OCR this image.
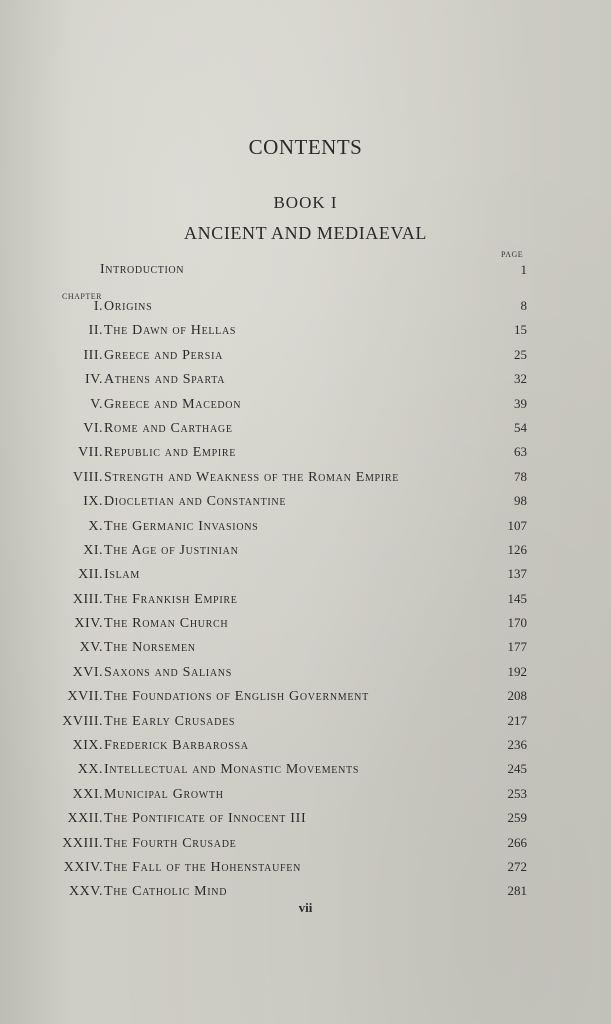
CONTENTS
BOOK I
ANCIENT AND MEDIAEVAL
PAGE
Introduction	1
CHAPTER
I. Origins	8
II. The Dawn of Hellas	15
III. Greece and Persia	25
IV. Athens and Sparta	32
V. Greece and Macedon	39
VI. Rome and Carthage	54
VII. Republic and Empire	63
VIII. Strength and Weakness of the Roman Empire	78
IX. Diocletian and Constantine	98
X. The Germanic Invasions	107
XI. The Age of Justinian	126
XII. Islam	137
XIII. The Frankish Empire	145
XIV. The Roman Church	170
XV. The Norsemen	177
XVI. Saxons and Salians	192
XVII. The Foundations of English Government	208
XVIII. The Early Crusades	217
XIX. Frederick Barbarossa	236
XX. Intellectual and Monastic Movements	245
XXI. Municipal Growth	253
XXII. The Pontificate of Innocent III	259
XXIII. The Fourth Crusade	266
XXIV. The Fall of the Hohenstaufen	272
XXV. The Catholic Mind	281
vii
